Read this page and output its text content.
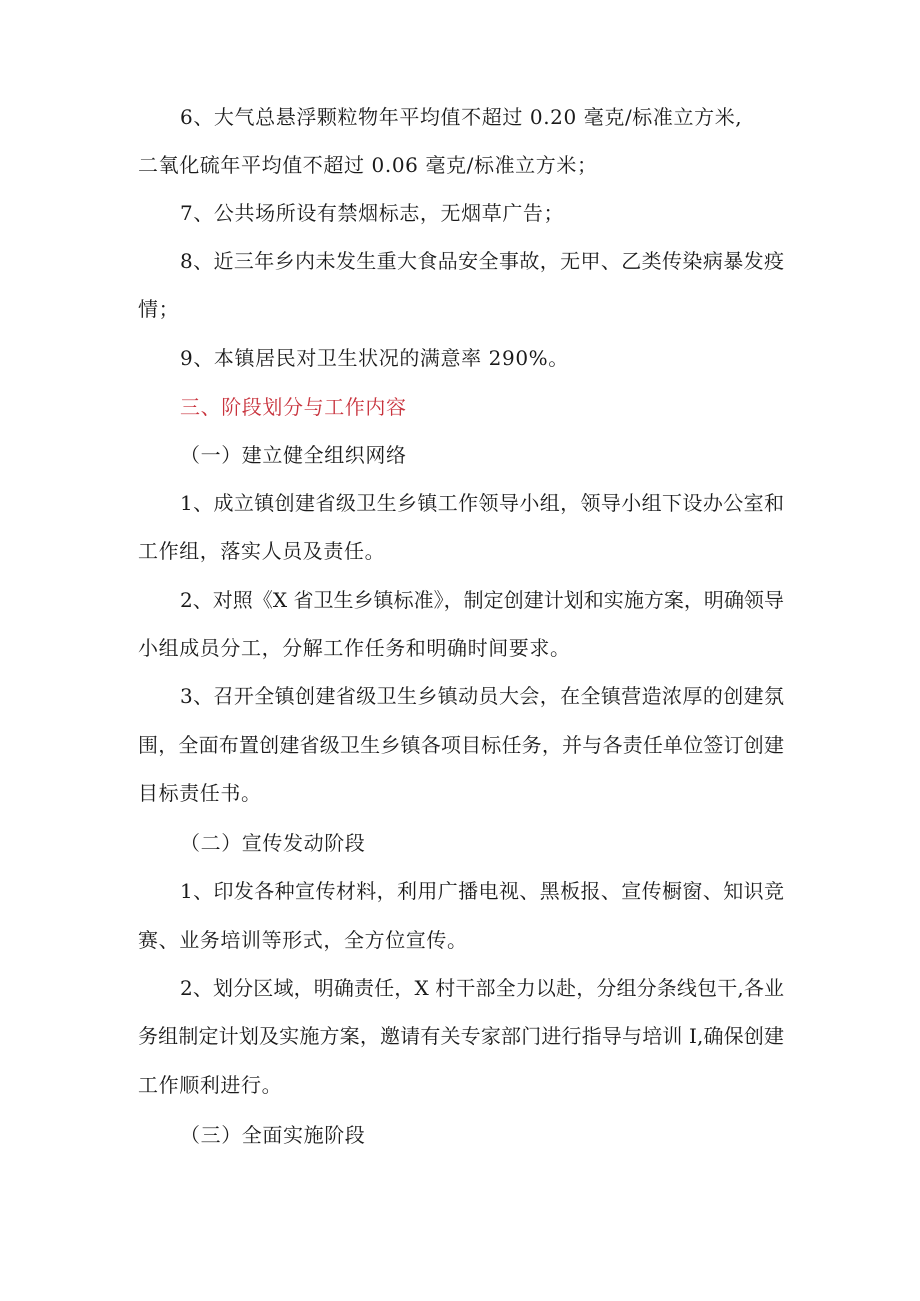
6、大气总悬浮颗粒物年平均值不超过 0.20 毫克/标准立方米,
二氧化硫年平均值不超过 0.06 毫克/标准立方米；
7、公共场所设有禁烟标志，无烟草广告；
8、近三年乡内未发生重大食品安全事故，无甲、乙类传染病暴发疫
情；
9、本镇居民对卫生状况的满意率 290%。
三、阶段划分与工作内容
（一）建立健全组织网络
1、成立镇创建省级卫生乡镇工作领导小组，领导小组下设办公室和
工作组，落实人员及责任。
2、对照《X 省卫生乡镇标准》，制定创建计划和实施方案，明确领导
小组成员分工，分解工作任务和明确时间要求。
3、召开全镇创建省级卫生乡镇动员大会，在全镇营造浓厚的创建氛
围，全面布置创建省级卫生乡镇各项目标任务，并与各责任单位签订创建
目标责任书。
（二）宣传发动阶段
1、印发各种宣传材料，利用广播电视、黑板报、宣传橱窗、知识竞
赛、业务培训等形式，全方位宣传。
2、划分区域，明确责任，X 村干部全力以赴，分组分条线包干,各业
务组制定计划及实施方案，邀请有关专家部门进行指导与培训 I,确保创建
工作顺利进行。
（三）全面实施阶段
